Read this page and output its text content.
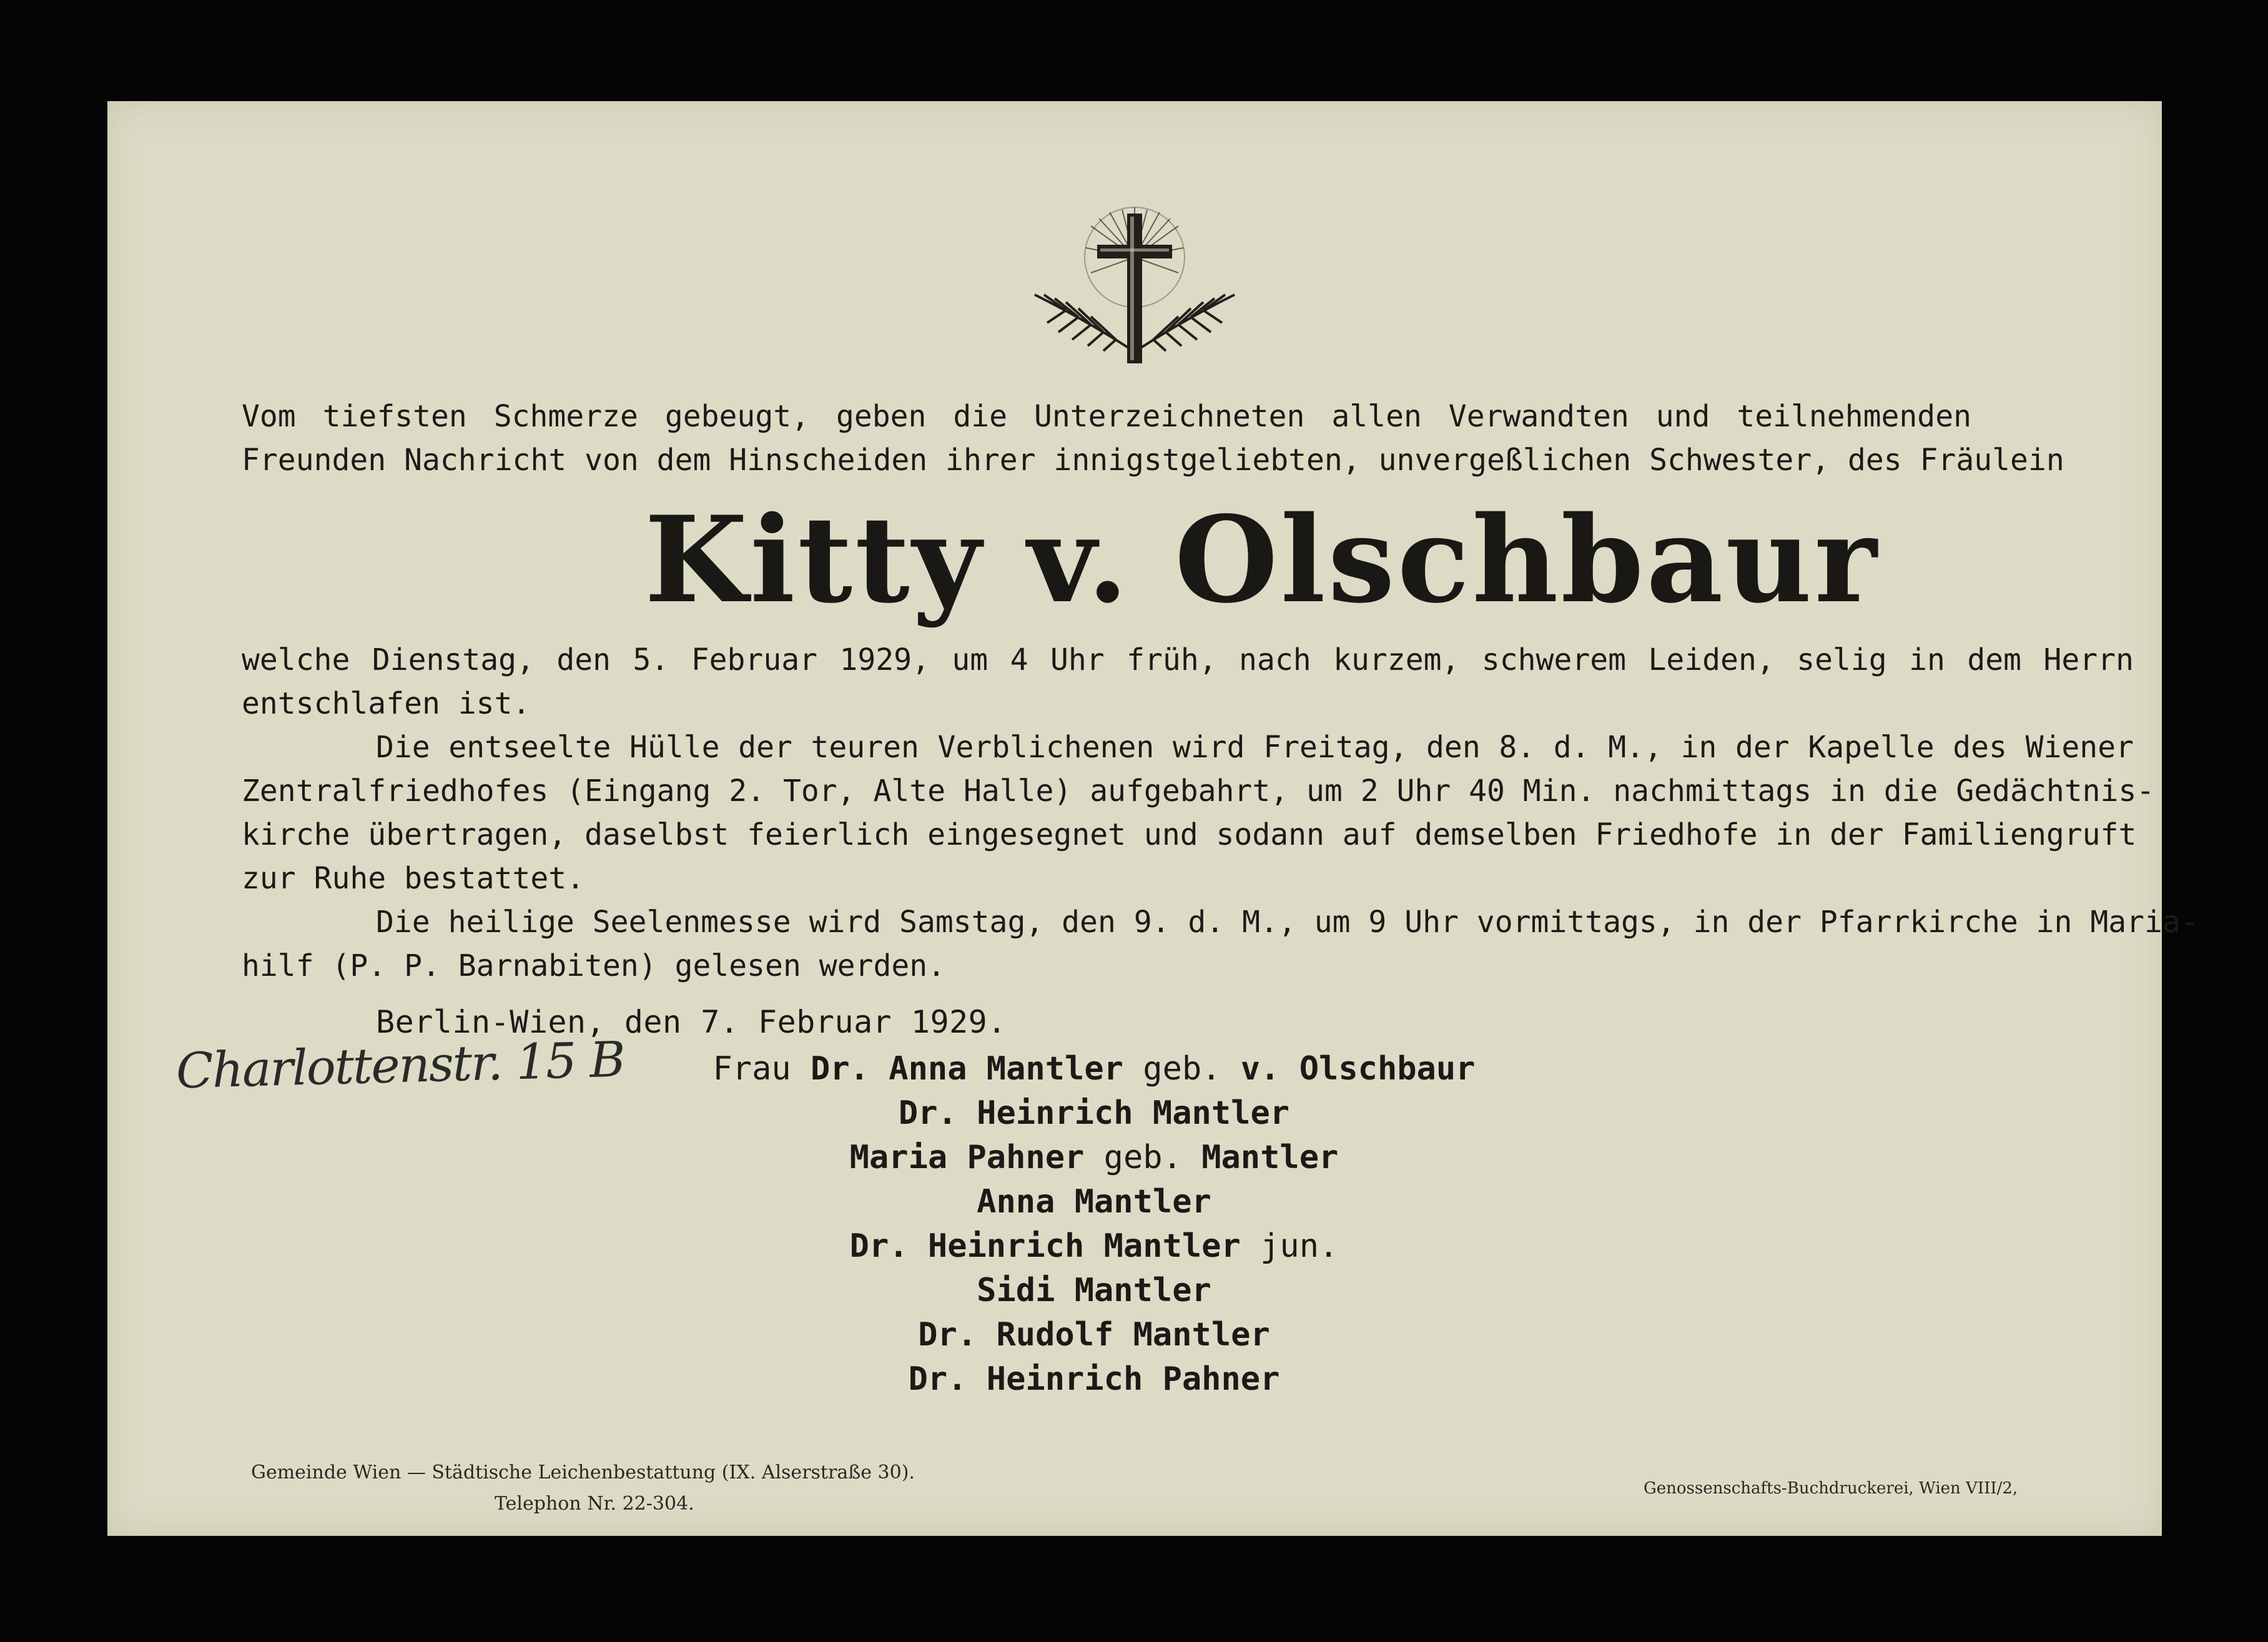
Vom tiefsten Schmerze gebeugt, geben die Unterzeichneten allen Verwandten und teilnehmenden
Freunden Nachricht von dem Hinscheiden ihrer innigstgeliebten, unvergeßlichen Schwester, des Fräulein
Kitty v. Olschbaur
welche Dienstag, den 5. Februar 1929, um 4 Uhr früh, nach kurzem, schwerem Leiden, selig in dem Herrn
entschlafen ist.
Die entseelte Hülle der teuren Verblichenen wird Freitag, den 8. d. M., in der Kapelle des Wiener
Zentralfriedhofes (Eingang 2. Tor, Alte Halle) aufgebahrt, um 2 Uhr 40 Min. nachmittags in die Gedächtnis-
kirche übertragen, daselbst feierlich eingesegnet und sodann auf demselben Friedhofe in der Familiengruft
zur Ruhe bestattet.
Die heilige Seelenmesse wird Samstag, den 9. d. M., um 9 Uhr vormittags, in der Pfarrkirche in Maria-
hilf (P. P. Barnabiten) gelesen werden.
Berlin-Wien, den 7. Februar 1929.
Charlottenstr. 15 B	Frau Dr. Anna Mantler geb. v. Olschbaur
Dr. Heinrich Mantler
Maria Pahner geb. Mantler
Anna Mantler
Dr. Heinrich Mantler jun.
Sidi Mantler
Dr. Rudolf Mantler
Dr. Heinrich Pahner
Gemeinde Wien — Städtische Leichenbestattung (IX. Alserstraße 30).
Telephon Nr. 22-304.
Genossenschafts-Buchdruckerei, Wien VIII/2,
